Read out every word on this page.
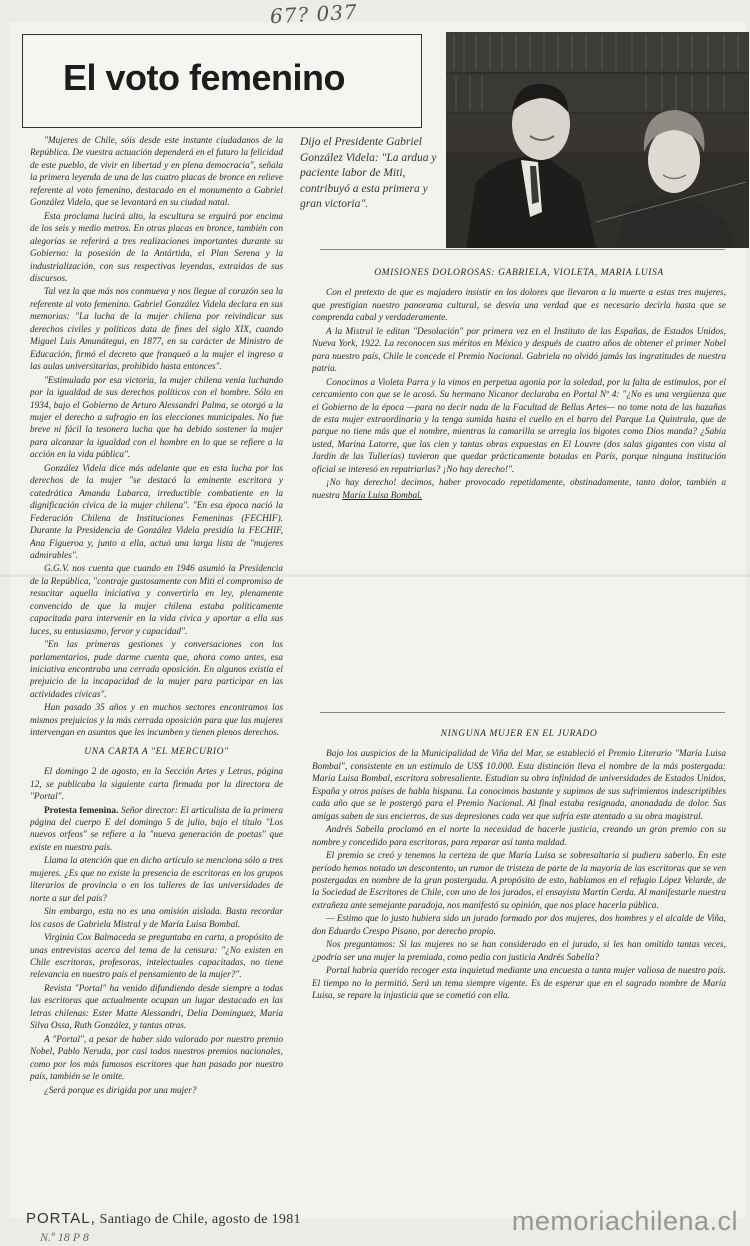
67? 037
El voto femenino
Dijo el Presidente Gabriel González Videla: "La ardua y paciente labor de Miti, contribuyó a esta primera y gran victoria".

"Mujeres de Chile, sóis desde este instante ciudadanos de la República. De vuestra actuación dependerá en el futuro la felicidad de este pueblo, de vivir en libertad y en plena democracia", señala la primera leyenda de una de las cuatro placas de bronce en relieve referente al voto femenino, destacado en el monumento a Gabriel González Videla, que se levantará en su ciudad natal.

Esta proclama lucirá alto, la escultura se erguirá por encima de los seis y medio metros. En otras placas en bronce, también con alegorías se referirá a tres realizaciones importantes durante su Gobierno: la posesión de la Antártida, el Plan Serena y la industrialización, con sus respectivas leyendas, extraidas de sus discursos.

Tal vez la que más nos conmueva y nos llegue al corazón sea la referente al voto femenino. Gabriel González Videla declara en sus memorias: "La lucha de la mujer chilena por reivindicar sus derechos civiles y políticos data de fines del siglo XIX, cuando Miguel Luis Amunátegui, en 1877, en su carácter de Ministro de Educación, firmó el decreto que franqueó a la mujer el ingreso a las aulas universitarias, prohibido hasta entonces".

"Estimulada por esa victoria, la mujer chilena venía luchando por la igualdad de sus derechos políticos con el hombre. Sólo en 1934, bajo el Gobierno de Arturo Alessandri Palma, se otorgó a la mujer el derecho a sufragio en las elecciones municipales. No fue breve ni fácil la tesonera lucha que ha debido sostener la mujer para alcanzar la igualdad con el hombre en lo que se refiere a la acción en la vida pública".

González Videla dice más adelante que en esta lucha por los derechos de la mujer "se destacó la eminente escritora y catedrática Amanda Labarca, irreductible combatiente en la dignificación cívica de la mujer chilena". "En esa época nació la Federación Chilena de Instituciones Femeninas (FECHIF). Durante la Presidencia de González Videla presidía la FECHIF, Ana Figueroa y, junto a ella, actuó una larga lista de "mujeres admirables".

G.G.V. nos cuenta que cuando en 1946 asumió la Presidencia de la República, "contraje gustosamente con Miti el compromiso de resucitar aquella iniciativa y convertirla en ley, plenamente convencido de que la mujer chilena estaba políticamente capacitada para intervenir en la vida cívica y aportar a ella sus luces, su entusiasmo, fervor y capacidad".

"En las primeras gestiones y conversaciones con los parlamentarios, pude darme cuenta que, ahora como antes, esa iniciativa encontraba una cerrada oposición. En algunos existía el prejuicio de la incapacidad de la mujer para participar en las actividades cívicas".

Han pasado 35 años y en muchos sectores encontramos los mismos prejuicios y la más cerrada oposición para que las mujeres intervengan en asuntos que les incumben y tienen plenos derechos.

UNA CARTA A "EL MERCURIO"

El domingo 2 de agosto, en la Sección Artes y Letras, página 12, se publicaba la siguiente carta firmada por la directora de "Portal".

Protesta femenina. Señor director: El articulista de la primera página del cuerpo E del domingo 5 de julio, bajo el título "Los nuevos orfeos" se refiere a la "nueva generación de poetas" que existe en nuestro país.

Llama la atención que en dicho artículo se menciona sólo a tres mujeres. ¿Es que no existe la presencia de escritoras en los grupos literarios de provincia o en los talleres de las universidades de norte a sur del país?

Sin embargo, esta no es una omisión aislada. Basta recordar los casos de Gabriela Mistral y de María Luisa Bombal.

Virginia Cox Balmaceda se preguntaba en carta, a propósito de unas entrevistas acerca del tema de la censura: "¿No existen en Chile escritoras, profesoras, intelectuales capacitadas, no tiene relevancia en nuestro país el pensamiento de la mujer?".

Revista "Portal" ha venido difundiendo desde siempre a todas las escritoras que actualmente ocupan un lugar destacado en las letras chilenas: Ester Matte Alessandri, Delia Domínguez, María Silva Ossa, Ruth González, y tantas otras.

A "Portal", a pesar de haber sido valorado por nuestro premio Nobel, Pablo Neruda, por casi todos nuestros premios nacionales, como por los más famosos escritores que han pasado por nuestro país, también se le omite.

¿Será porque es dirigida por una mujer?

OMISIONES DOLOROSAS: GABRIELA, VIOLETA, MARIA LUISA

Con el pretexto de que es majadero insistir en los dolores que llevaron a la muerte a estas tres mujeres, que prestigian nuestro panorama cultural, se desvía una verdad que es necesario decirla hasta que se comprenda cabal y verdaderamente.

A la Mistral le editan "Desolación" por primera vez en el Instituto de las Españas, de Estados Unidos, Nueva York, 1922. La reconocen sus méritos en México y después de cuatro años de obtener el primer Nobel para nuestro país, Chile le concede el Premio Nacional. Gabriela no olvidó jamás las ingratitudes de nuestra patria.

Conocimos a Violeta Parra y la vimos en perpetua agonía por la soledad, por la falta de estímulos, por el cercamiento con que se le acosó. Su hermano Nicanor declaraba en Portal Nº 4: "¿No es una vergüenza que el Gobierno de la época —para no decir nada de la Facultad de Bellas Artes— no tome nota de las hazañas de esta mujer extraordinaria y la tenga sumida hasta el cuello en el barro del Parque La Quintrala, que de parque no tiene más que el nombre, mientras la camarilla se arregla los bigotes como Dios manda? ¿Sabía usted, Marina Latorre, que las cien y tantas obras expuestas en El Louvre (dos salas gigantes con vista al Jardín de las Tullerías) tuvieron que quedar prácticamente botadas en París, porque ninguna institución oficial se interesó en repatriarlas? ¡No hay derecho!".

¡No hay derecho! decimos, haber provocado repetidamente, obstinadamente, tanto dolor, también a nuestra María Luisa Bombal.

NINGUNA MUJER EN EL JURADO

Bajo los auspicios de la Municipalidad de Viña del Mar, se estableció el Premio Literario "María Luisa Bombal", consistente en un estímulo de US$ 10.000. Esta distinción lleva el nombre de la más postergada: María Luisa Bombal, escritora sobresaliente. Estudian su obra infinidad de universidades de Estados Unidos, España y otros países de habla hispana. La conocimos bastante y supimos de sus sufrimientos indescriptibles cada año que se le postergó para el Premio Nacional. Al final estaba resignada, anonadada de dolor. Sus amigas saben de sus encierros, de sus depresiones cada vez que sufría este atentado a su obra magistral.

Andrés Sabella proclamó en el norte la necesidad de hacerle justicia, creando un gran premio con su nombre y concedido para escritoras, para reparar así tanta maldad.

El premio se creó y tenemos la certeza de que María Luisa se sobresaltaría si pudiera saberlo. En este período hemos notado un descontento, un rumor de tristeza de parte de la mayoría de las escritoras que se ven postergadas en nombre de la gran postergada. A propósito de esto, hablamos en el refugio López Velarde, de la Sociedad de Escritores de Chile, con uno de los jurados, el ensayista Martín Cerda. Al manifestarle nuestra extrañeza ante semejante paradoja, nos manifestó su opinión, que nos place hacerla pública.

— Estimo que lo justo hubiera sido un jurado formado por dos mujeres, dos hombres y el alcalde de Viña, don Eduardo Crespo Pisano, por derecho propio.

Nos preguntamos: Si las mujeres no se han considerado en el jurado, si les han omitido tantas veces, ¿podría ser una mujer la premiada, como pedía con justicia Andrés Sabella?

Portal habría querido recoger esta inquietud mediante una encuesta a tanta mujer valiosa de nuestro país. El tiempo no lo permitió. Será un tema siempre vigente. Es de esperar que en el sagrado nombre de María Luisa, se repare la injusticia que se cometió con ella.

PORTAL, Santiago de Chile, agosto de 1981
N.º 18 P 8
memoriachilena.cl
